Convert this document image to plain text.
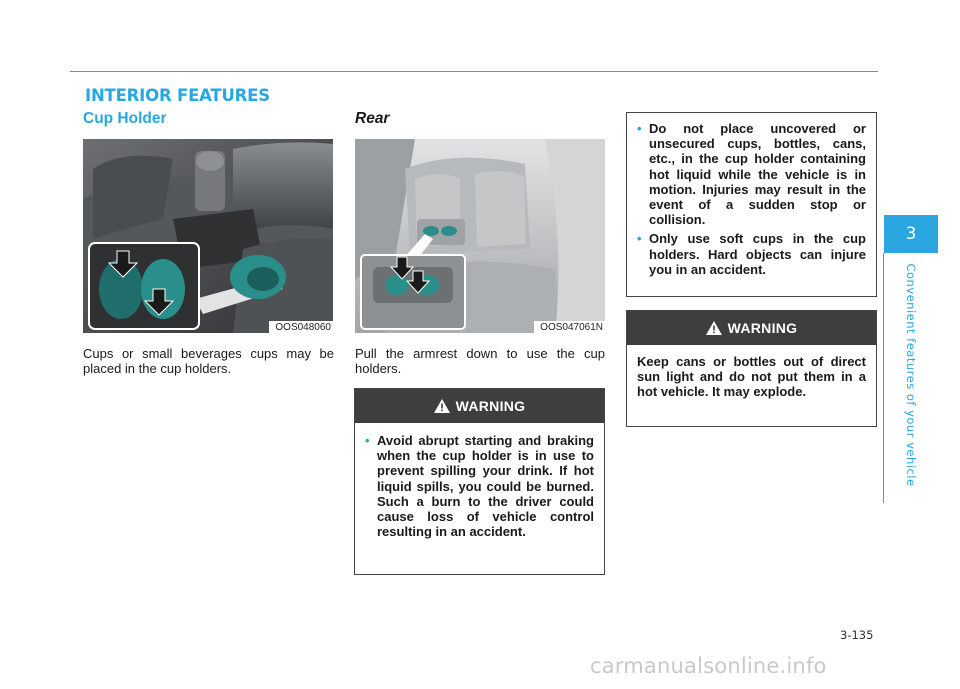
INTERIOR FEATURES
Cup Holder
OOS048060

Cups or small beverages cups may be placed in the cup holders.

Rear
OOS047061N

Pull the armrest down to use the cup holders.

WARNING
• Avoid abrupt starting and braking when the cup holder is in use to prevent spilling your drink. If hot liquid spills, you could be burned. Such a burn to the driver could cause loss of vehicle control resulting in an accident.
• Do not place uncovered or unsecured cups, bottles, cans, etc., in the cup holder containing hot liquid while the vehicle is in motion. Injuries may result in the event of a sudden stop or collision.
• Only use soft cups in the cup holders. Hard objects can injure you in an accident.
WARNING

Keep cans or bottles out of direct sun light and do not put them in a hot vehicle. It may explode.

3
Convenient features of your vehicle
3-135
carmanualsonline.info
